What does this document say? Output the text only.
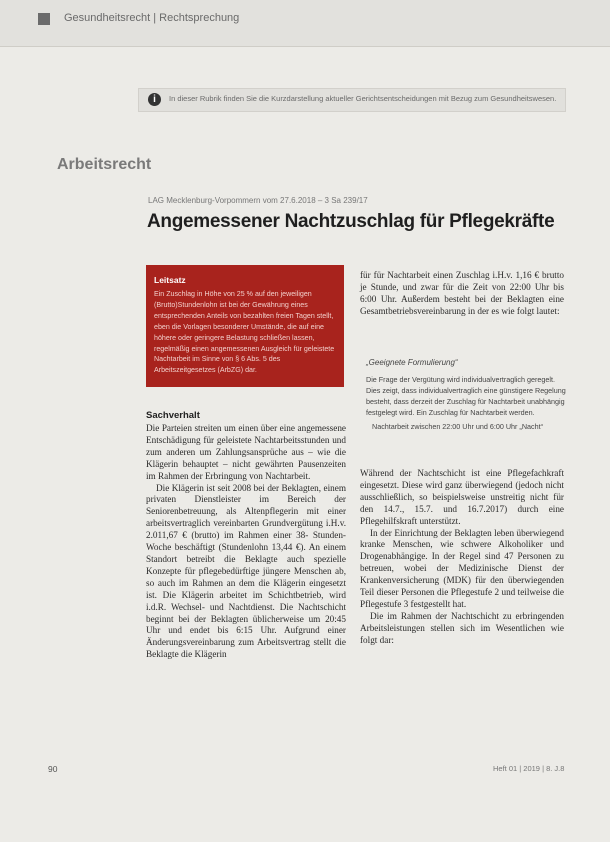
Gesundheitsrecht | Rechtsprechung
i	In dieser Rubrik finden Sie die Kurzdarstellung aktueller Gerichtsentscheidungen mit Bezug zum Gesundheitswesen.
Arbeitsrecht
LAG Mecklenburg-Vorpommern vom 27.6.2018 – 3 Sa 239/17
Angemessener Nachtzuschlag für Pflegekräfte
Leitsatz

Ein Zuschlag in Höhe von 25 % auf den jeweiligen (Brutto)Stundenlohn ist bei der Gewährung eines entsprechenden Anteils von bezahlten freien Tagen stellt, eben die Vorlagen besonderer Umstände, die auf eine höhere oder geringere Belastung schließen lassen, regelmäßig einen angemessenen Ausgleich für geleistete Nachtarbeit im Sinne von § 6 Abs. 5 des Arbeitszeitgesetzes (ArbZG) dar.

Sachverhalt

Die Parteien streiten um einen über eine angemessene Entschädigung für geleistete Nachtarbeitsstunden und zum anderen um Zahlungsansprüche aus – wie die Klägerin behauptet – nicht gewährten Pausenzeiten im Rahmen der Erbringung von Nachtarbeit.

Die Klägerin ist seit 2008 bei der Beklagten, einem privaten Dienstleister im Bereich der Seniorenbetreuung, als Altenpflegerin mit einer arbeitsvertraglich vereinbarten Grundvergütung i.H.v. 2.011,67 € (brutto) im Rahmen einer 38- Stunden- Woche beschäftigt (Stundenlohn 13,44 €). An einem Standort betreibt die Beklagte auch spezielle Konzepte für pflegebedürftige jüngere Menschen ab, so auch im Rahmen an dem die Klägerin eingesetzt ist. Die Klägerin arbeitet im Schichtbetrieb, wird i.d.R. Wechsel- und Nachtdienst. Die Nachtschicht beginnt bei der Beklagten üblicherweise um 20:45 Uhr und endet bis 6:15 Uhr. Aufgrund einer Änderungsvereinbarung zum Arbeitsvertrag stellt die Beklagte die Klägerin

für für Nachtarbeit einen Zuschlag i.H.v. 1,16 € brutto je Stunde, und zwar für die Zeit von 22:00 Uhr bis 6:00 Uhr. Außerdem besteht bei der Beklagten eine Gesamtbetriebsvereinbarung in der es wie folgt lautet:

„Geeignete Formulierung“
Die Frage der Vergütung wird individualvertraglich geregelt. Dies zeigt, dass individualvertraglich eine günstigere Regelung besteht, dass derzeit der Zuschlag für Nachtarbeit unabhängig festgelegt wird. Ein Zuschlag für Nachtarbeit werden.
Nachtarbeit zwischen 22:00 Uhr und 6:00 Uhr „Nacht“

Während der Nachtschicht ist eine Pflegefachkraft eingesetzt. Diese wird ganz überwiegend (jedoch nicht ausschließlich, so beispielsweise unstreitig nicht für den 14.7., 15.7. und 16.7.2017) durch eine Pflegehilfskraft unterstützt.

In der Einrichtung der Beklagten leben überwiegend kranke Menschen, wie schwere Alkoholiker und Drogenabhängige. In der Regel sind 47 Personen zu betreuen, wobei der Medizinische Dienst der Krankenversicherung (MDK) für den überwiegenden Teil dieser Personen die Pflegestufe 2 und teilweise die Pflegestufe 3 festgestellt hat.

Die im Rahmen der Nachtschicht zu erbringenden Arbeitsleistungen stellen sich im Wesentlichen wie folgt dar:

90	Heft 01 | 2019 | 8. J.8
